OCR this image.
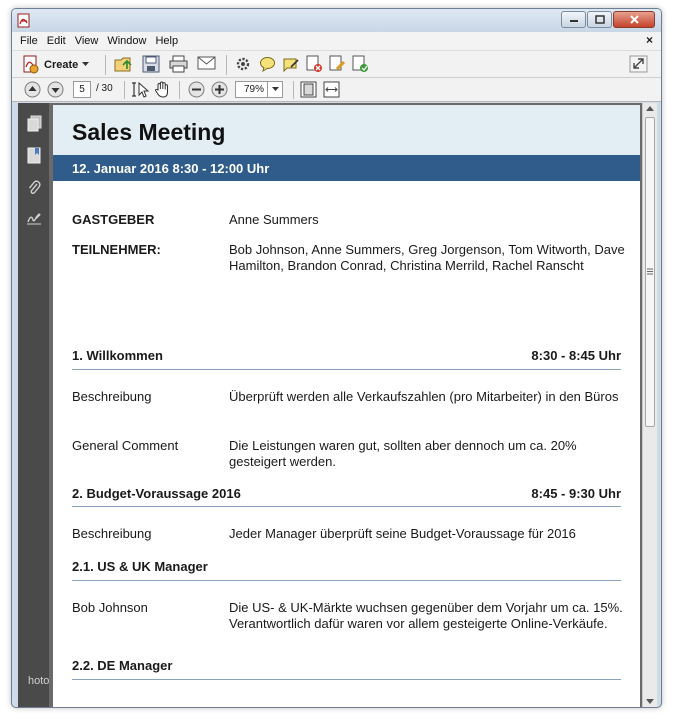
File Edit View Window Help	×
Create
5	/ 30	79%
Sales Meeting
12. Januar 2016 8:30 - 12:00 Uhr
GASTGEBER	Anne Summers
TEILNEHMER:	Bob Johnson, Anne Summers, Greg Jorgenson, Tom Witworth, Dave Hamilton, Brandon Conrad, Christina Merrild, Rachel Ranscht
1. Willkommen	8:30 - 8:45 Uhr
Beschreibung	Überprüft werden alle Verkaufszahlen (pro Mitarbeiter) in den Büros
General Comment	Die Leistungen waren gut, sollten aber dennoch um ca. 20% gesteigert werden.
2. Budget-Voraussage 2016	8:45 - 9:30 Uhr
Beschreibung	Jeder Manager überprüft seine Budget-Voraussage für 2016
2.1. US & UK Manager
Bob Johnson	Die US- & UK-Märkte wuchsen gegenüber dem Vorjahr um ca. 15%. Verantwortlich dafür waren vor allem gesteigerte Online-Verkäufe.
2.2. DE Manager
hoto
